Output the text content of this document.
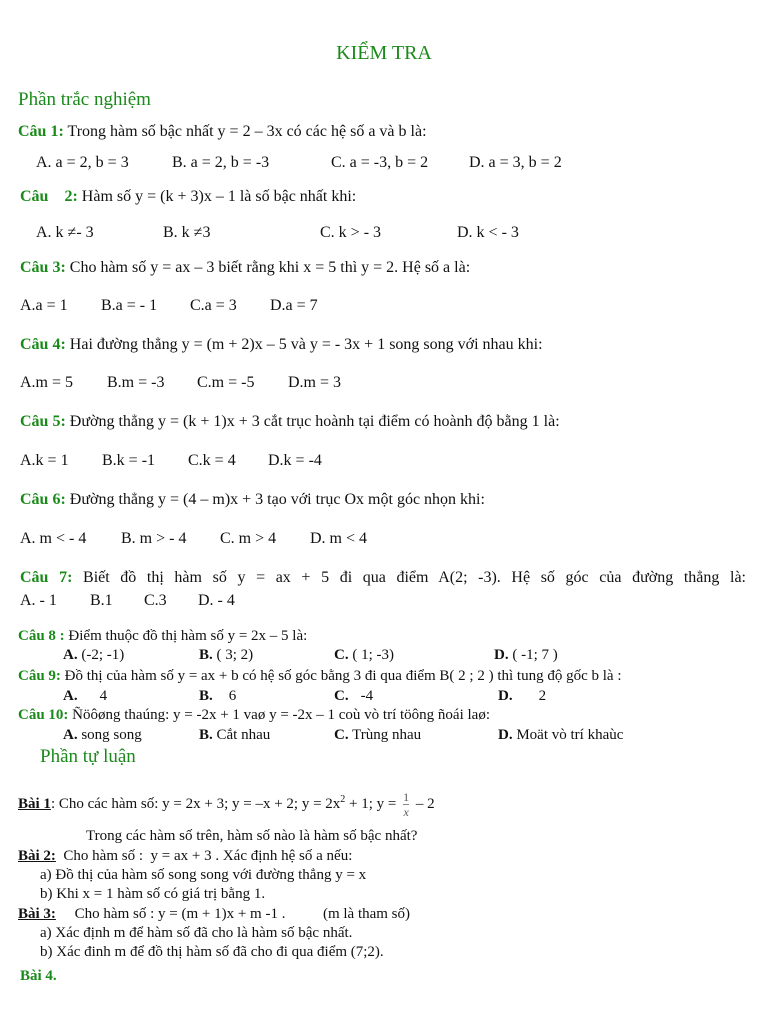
KIỂM TRA
Phần trắc nghiệm
Câu 1: Trong hàm số bậc nhất y = 2 – 3x có các hệ số a và b là:
A. a = 2, b = 3	B. a = 2, b = -3	C. a = -3, b = 2	D. a = 3, b = 2
Câu    2: Hàm số y = (k + 3)x – 1 là số bậc nhất khi:
A. k ≠- 3	B. k ≠3	C. k > - 3	D. k < - 3
Câu 3: Cho hàm số y = ax – 3 biết rằng khi x = 5 thì y = 2. Hệ số a là:
A.a = 1 B.a = - 1 C.a = 3 D.a = 7
Câu 4: Hai đường thẳng y = (m + 2)x – 5 và y = - 3x + 1 song song với nhau khi:
A.m = 5 B.m = -3 C.m = -5 D.m = 3
Câu 5: Đường thẳng y = (k + 1)x + 3 cắt trục hoành tại điểm có hoành độ bằng 1 là:
A.k = 1 B.k = -1 C.k = 4 D.k = -4
Câu 6: Đường thẳng y = (4 – m)x + 3 tạo với trục Ox một góc nhọn khi:
A. m < - 4 B. m > - 4 C. m > 4 D. m < 4
Câu 7: Biết đồ thị hàm số y = ax + 5 đi qua điểm A(2; -3). Hệ số góc của đường thẳng là:
A. - 1 B.1 C.3 D. - 4
Câu 8 : Điểm thuộc đồ thị hàm số y = 2x – 5 là:
A. (-2; -1)	B. ( 3; 2)	C. ( 1; -3)	D. ( -1; 7 )
Câu 9: Đồ thị của hàm số y = ax + b có hệ số góc bằng 3 đi qua điểm B( 2 ; 2 ) thì tung độ gốc b là :
A. 4	B. 6	C. -4	D. 2
Câu 10: Ñöôøng thaúng: y = -2x + 1 vaø y = -2x – 1 coù vò trí töông ñoái laø:
A. song song	B. Cắt nhau	C. Trùng nhau	D. Moät vò trí khaùc
Phần tự luận
Bài 1: Cho các hàm số: y = 2x + 3; y = –x + 2; $y = 2x^2 + 1$; $y = \frac{1}{x} - 2$
Trong các hàm số trên, hàm số nào là hàm số bậc nhất?
Bài 2:  Cho hàm số :  y = ax + 3 . Xác định hệ số a nếu:
a) Đồ thị của hàm số song song với đường thẳng y = x
b) Khi x = 1 hàm số có giá trị bằng 1.
Bài 3:     Cho hàm số : y = (m + 1)x + m -1 .          (m là tham số)
a) Xác định m để hàm số đã cho là hàm số bậc nhất.
b) Xác đinh m để đồ thị hàm số đã cho đi qua điểm (7;2).
Bài 4.
